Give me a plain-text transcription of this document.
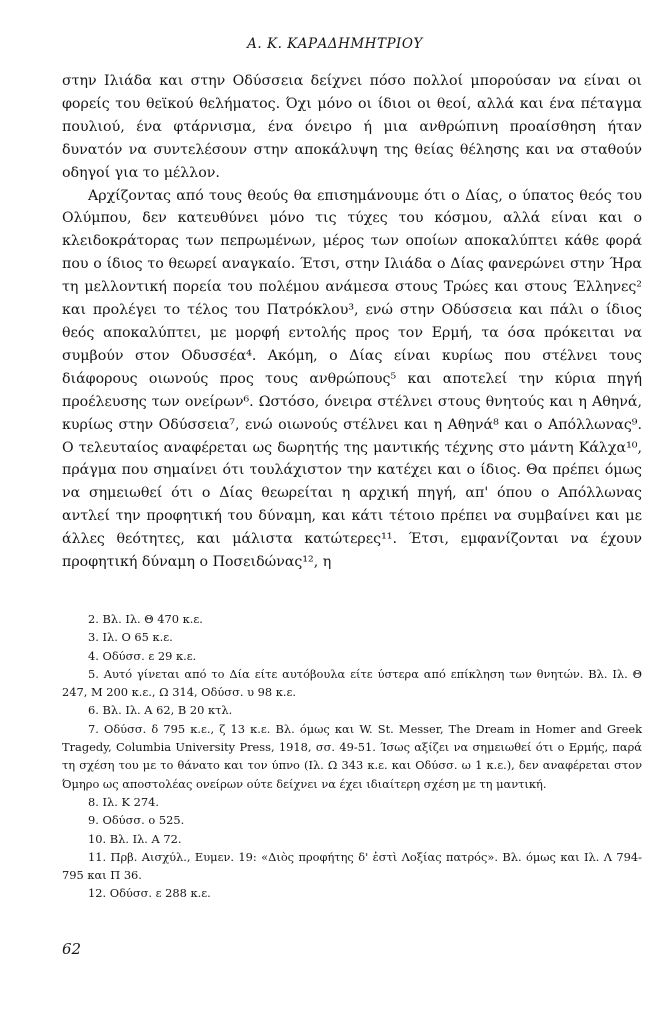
A. K. ΚΑΡΑΔΗΜΗΤΡΙΟΥ

στην Ιλιάδα και στην Οδύσσεια δείχνει πόσο πολλοί μπορούσαν να είναι οι φορείς του θεϊκού θελήματος. Όχι μόνο οι ίδιοι οι θεοί, αλλά και ένα πέταγμα πουλιού, ένα φτάρνισμα, ένα όνειρο ή μια ανθρώπινη προαίσθηση ήταν δυνατόν να συντελέσουν στην αποκάλυψη της θείας θέλησης και να σταθούν οδηγοί για το μέλλον.

Αρχίζοντας από τους θεούς θα επισημάνουμε ότι ο Δίας, ο ύπατος θεός του Ολύμπου, δεν κατευθύνει μόνο τις τύχες του κόσμου, αλλά είναι και ο κλειδοκράτορας των πεπρωμένων, μέρος των οποίων αποκαλύπτει κάθε φορά που ο ίδιος το θεωρεί αναγκαίο. Έτσι, στην Ιλιάδα ο Δίας φανερώνει στην Ήρα τη μελλοντική πορεία του πολέμου ανάμεσα στους Τρώες και στους Έλληνες² και προλέγει το τέλος του Πατρόκλου³, ενώ στην Οδύσσεια και πάλι ο ίδιος θεός αποκαλύπτει, με μορφή εντολής προς τον Ερμή, τα όσα πρόκειται να συμβούν στον Οδυσσέα⁴. Ακόμη, ο Δίας είναι κυρίως που στέλνει τους διάφορους οιωνούς προς τους ανθρώπους⁵ και αποτελεί την κύρια πηγή προέλευσης των ονείρων⁶. Ωστόσο, όνειρα στέλνει στους θνητούς και η Αθηνά, κυρίως στην Οδύσσεια⁷, ενώ οιωνούς στέλνει και η Αθηνά⁸ και ο Απόλλωνας⁹. Ο τελευταίος αναφέρεται ως δωρητής της μαντικής τέχνης στο μάντη Κάλχα¹⁰, πράγμα που σημαίνει ότι τουλάχιστον την κατέχει και ο ίδιος. Θα πρέπει όμως να σημειωθεί ότι ο Δίας θεωρείται η αρχική πηγή, απ' όπου ο Απόλλωνας αντλεί την προφητική του δύναμη, και κάτι τέτοιο πρέπει να συμβαίνει και με άλλες θεότητες, και μάλιστα κατώτερες¹¹. Έτσι, εμφανίζονται να έχουν προφητική δύναμη ο Ποσειδώνας¹², η

2. Βλ. Ιλ. Θ 470 κ.ε.
3. Ιλ. Ο 65 κ.ε.
4. Οδύσσ. ε 29 κ.ε.
5. Αυτό γίνεται από το Δία είτε αυτόβουλα είτε ύστερα από επίκληση των θνητών. Βλ. Ιλ. Θ 247, Μ 200 κ.ε., Ω 314, Οδύσσ. υ 98 κ.ε.
6. Βλ. Ιλ. Α 62, Β 20 κτλ.
7. Οδύσσ. δ 795 κ.ε., ζ 13 κ.ε. Βλ. όμως και W. St. Messer, The Dream in Homer and Greek Tragedy, Columbia University Press, 1918, σσ. 49-51. Ίσως αξίζει να σημειωθεί ότι ο Ερμής, παρά τη σχέση του με το θάνατο και τον ύπνο (Ιλ. Ω 343 κ.ε. και Οδύσσ. ω 1 κ.ε.), δεν αναφέρεται στον Όμηρο ως αποστολέας ονείρων ούτε δείχνει να έχει ιδιαίτερη σχέση με τη μαντική.
8. Ιλ. Κ 274.
9. Οδύσσ. ο 525.
10. Βλ. Ιλ. Α 72.
11. Πρβ. Αισχύλ., Ευμεν. 19: «Διὸς προφήτης δ' ἐστὶ Λοξίας πατρός». Βλ. όμως και Ιλ. Λ 794-795 και Π 36.
12. Οδύσσ. ε 288 κ.ε.
62
